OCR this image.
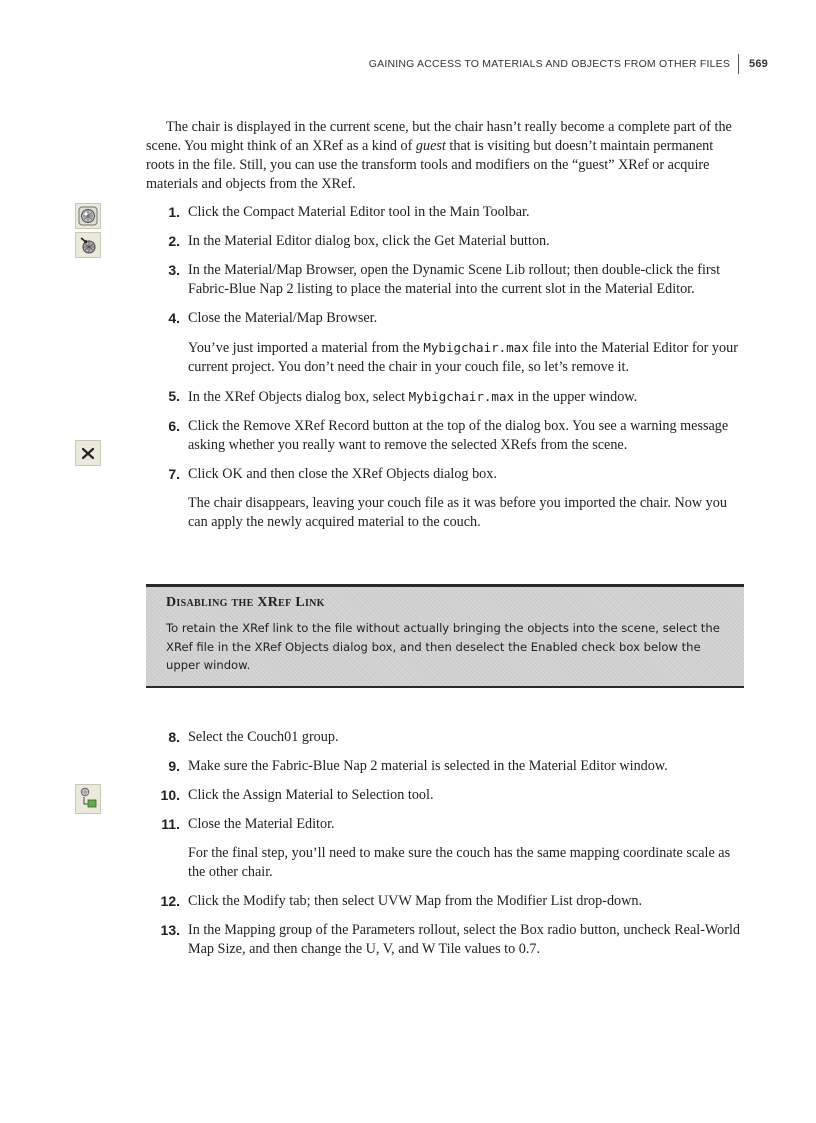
GAINING ACCESS TO MATERIALS AND OBJECTS FROM OTHER FILES 569

The chair is displayed in the current scene, but the chair hasn’t really become a complete part of the scene. You might think of an XRef as a kind of guest that is visiting but doesn’t maintain permanent roots in the file. Still, you can use the transform tools and modifiers on the “guest” XRef or acquire materials and objects from the XRef.

1. Click the Compact Material Editor tool in the Main Toolbar.
2. In the Material Editor dialog box, click the Get Material button.
3. In the Material/Map Browser, open the Dynamic Scene Lib rollout; then double-click the first Fabric-Blue Nap 2 listing to place the material into the current slot in the Material Editor.
4. Close the Material/Map Browser.

You’ve just imported a material from the Mybigchair.max file into the Material Editor for your current project. You don’t need the chair in your couch file, so let’s remove it.

5. In the XRef Objects dialog box, select Mybigchair.max in the upper window.
6. Click the Remove XRef Record button at the top of the dialog box. You see a warning message asking whether you really want to remove the selected XRefs from the scene.
7. Click OK and then close the XRef Objects dialog box.

The chair disappears, leaving your couch file as it was before you imported the chair. Now you can apply the newly acquired material to the couch.

Disabling the XRef Link
To retain the XRef link to the file without actually bringing the objects into the scene, select the XRef file in the XRef Objects dialog box, and then deselect the Enabled check box below the upper window.
8. Select the Couch01 group.
9. Make sure the Fabric-Blue Nap 2 material is selected in the Material Editor window.
10. Click the Assign Material to Selection tool.
11. Close the Material Editor.

For the final step, you’ll need to make sure the couch has the same mapping coordinate scale as the other chair.

12. Click the Modify tab; then select UVW Map from the Modifier List drop-down.
13. In the Mapping group of the Parameters rollout, select the Box radio button, uncheck Real-World Map Size, and then change the U, V, and W Tile values to 0.7.
